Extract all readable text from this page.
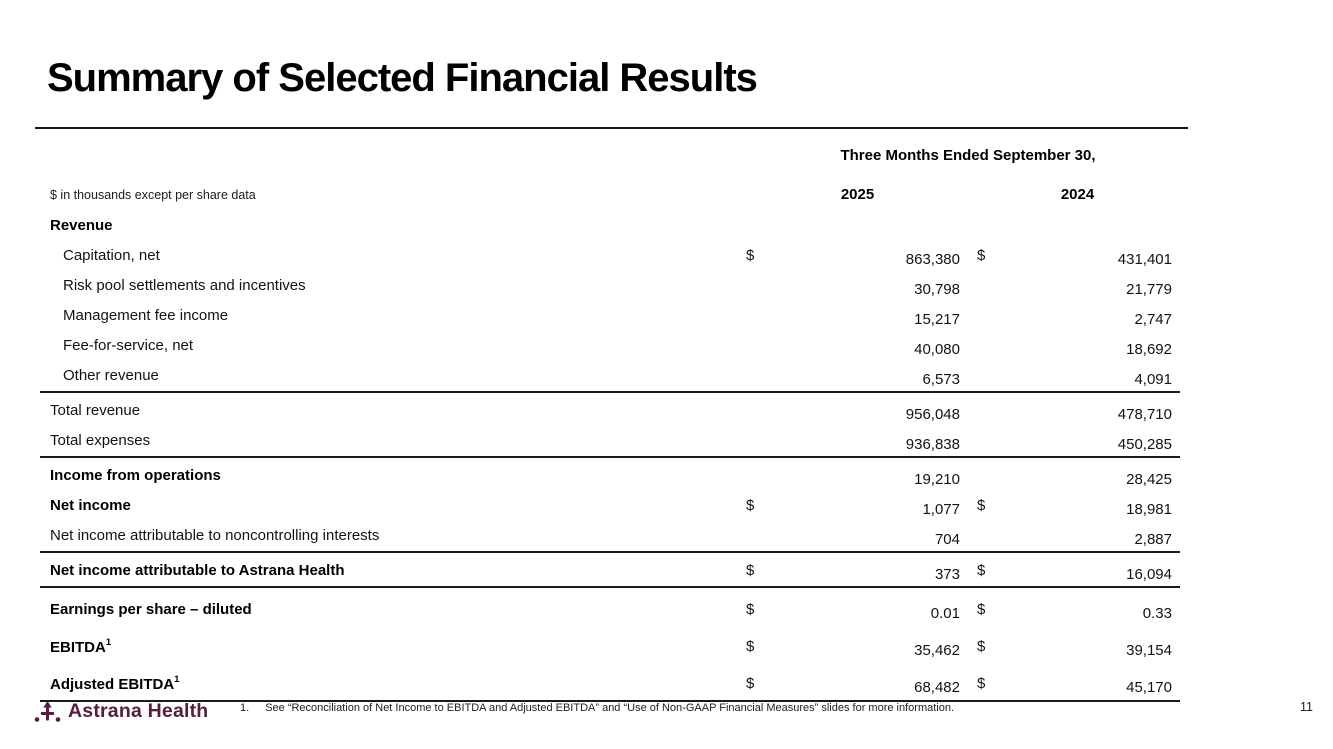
Summary of Selected Financial Results
Three Months Ended September 30,
$ in thousands except per share data	2025	2024
Revenue
Capitation, net	$	863,380	$	431,401
Risk pool settlements and incentives	30,798	21,779
Management fee income	15,217	2,747
Fee-for-service, net	40,080	18,692
Other revenue	6,573	4,091
Total revenue	956,048	478,710
Total expenses	936,838	450,285
Income from operations	19,210	28,425
Net income	$	1,077	$	18,981
Net income attributable to noncontrolling interests	704	2,887
Net income attributable to Astrana Health	$	373	$	16,094
Earnings per share – diluted	$	0.01	$	0.33
EBITDA$^1$	$	35,462	$	39,154
Adjusted EBITDA$^1$	$	68,482	$	45,170
Astrana Health	1. See “Reconciliation of Net Income to EBITDA and Adjusted EBITDA” and “Use of Non-GAAP Financial Measures” slides for more information.	11
